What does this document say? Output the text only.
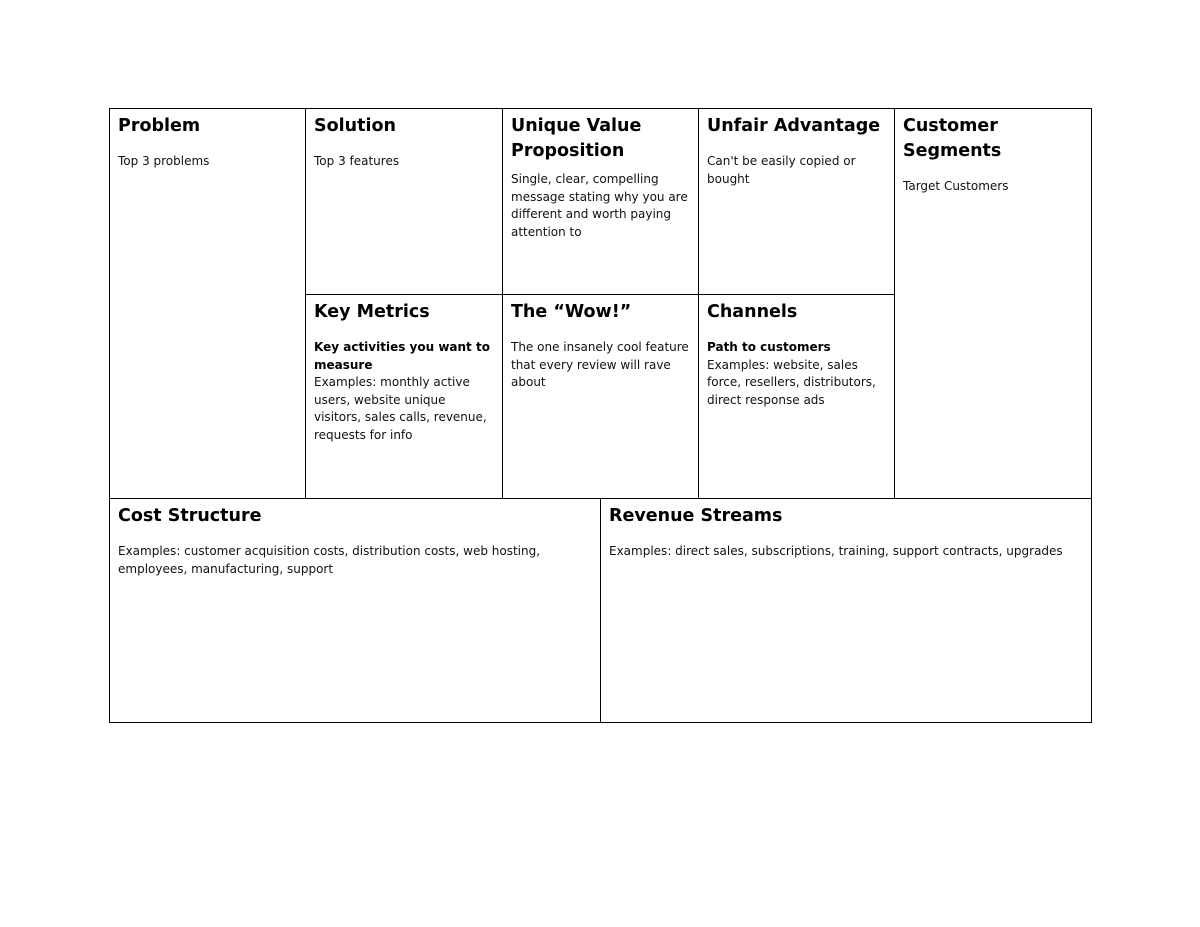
Problem

Top 3 problems

Solution

Top 3 features

Unique Value Proposition

Single, clear, compelling message stating why you are different and worth paying attention to

Unfair Advantage

Can't be easily copied or bought

Customer Segments

Target Customers

Key Metrics

Key activities you want to measure

Examples: monthly active users, website unique visitors, sales calls, revenue, requests for info

The “Wow!”

The one insanely cool feature that every review will rave about

Channels

Path to customers

Examples: website, sales force, resellers, distributors, direct response ads

Cost Structure

Examples: customer acquisition costs, distribution costs, web hosting, employees, manufacturing, support

Revenue Streams

Examples: direct sales, subscriptions, training, support contracts, upgrades
